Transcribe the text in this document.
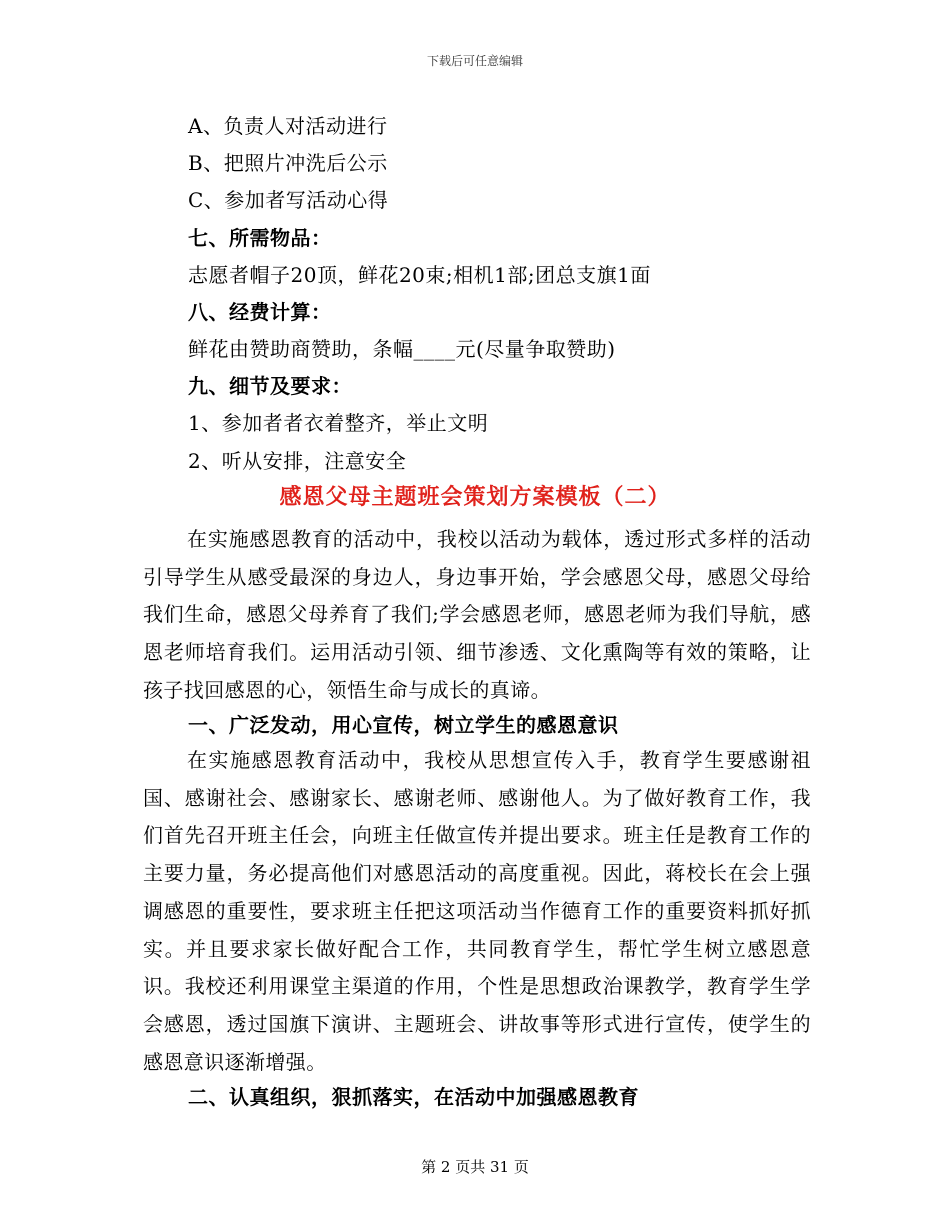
下载后可任意编辑
A、负责人对活动进行
B、把照片冲洗后公示
C、参加者写活动心得
七、所需物品：
志愿者帽子20顶，鲜花20束;相机1部;团总支旗1面
八、经费计算：
鲜花由赞助商赞助，条幅____元(尽量争取赞助)
九、细节及要求：
1、参加者者衣着整齐，举止文明
2、听从安排，注意安全
感恩父母主题班会策划方案模板（二）
在实施感恩教育的活动中，我校以活动为载体，透过形式多样的活动引导学生从感受最深的身边人，身边事开始，学会感恩父母，感恩父母给我们生命，感恩父母养育了我们;学会感恩老师，感恩老师为我们导航，感恩老师培育我们。运用活动引领、细节渗透、文化熏陶等有效的策略，让孩子找回感恩的心，领悟生命与成长的真谛。
一、广泛发动，用心宣传，树立学生的感恩意识
在实施感恩教育活动中，我校从思想宣传入手，教育学生要感谢祖国、感谢社会、感谢家长、感谢老师、感谢他人。为了做好教育工作，我们首先召开班主任会，向班主任做宣传并提出要求。班主任是教育工作的主要力量，务必提高他们对感恩活动的高度重视。因此，蒋校长在会上强调感恩的重要性，要求班主任把这项活动当作德育工作的重要资料抓好抓实。并且要求家长做好配合工作，共同教育学生，帮忙学生树立感恩意识。我校还利用课堂主渠道的作用，个性是思想政治课教学，教育学生学会感恩，透过国旗下演讲、主题班会、讲故事等形式进行宣传，使学生的感恩意识逐渐增强。
二、认真组织，狠抓落实，在活动中加强感恩教育
第 2 页共 31 页
